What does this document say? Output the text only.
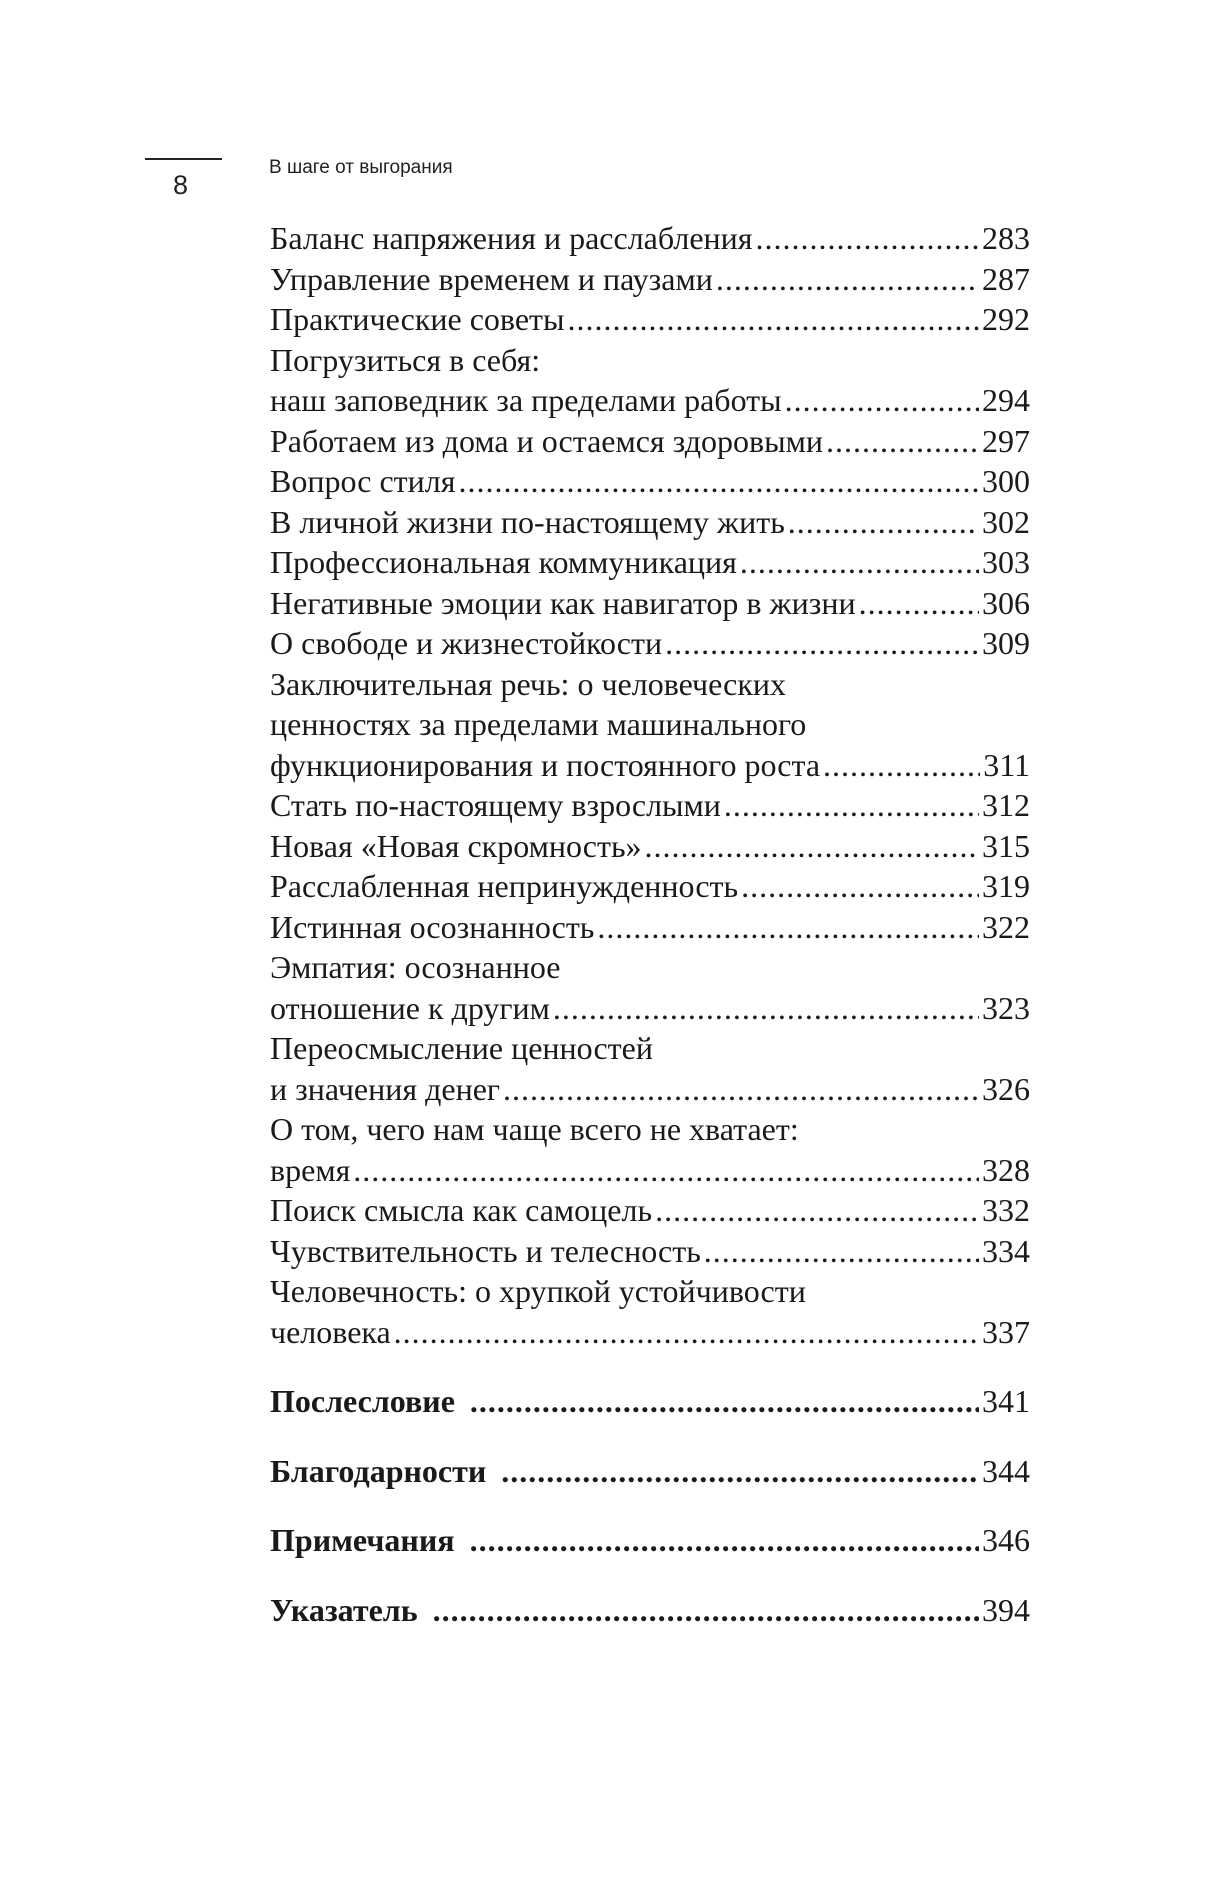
8
В шаге от выгорания
Баланс напряжения и расслабления .....	283
Управление временем и паузами .....	287
Практические советы .....	292
Погрузиться в себя:
наш заповедник за пределами работы .....	294
Работаем из дома и остаемся здоровыми .....	297
Вопрос стиля .....	300
В личной жизни по-настоящему жить .....	302
Профессиональная коммуникация .....	303
Негативные эмоции как навигатор в жизни .....	306
О свободе и жизнестойкости .....	309
Заключительная речь: о человеческих
ценностях за пределами машинального
функционирования и постоянного роста .....	311
Стать по-настоящему взрослыми .....	312
Новая «Новая скромность» .....	315
Расслабленная непринужденность .....	319
Истинная осознанность .....	322
Эмпатия: осознанное
отношение к другим .....	323
Переосмысление ценностей
и значения денег .....	326
О том, чего нам чаще всего не хватает:
время .....	328
Поиск смысла как самоцель .....	332
Чувствительность и телесность .....	334
Человечность: о хрупкой устойчивости
человека .....	337
Послесловие .....	341
Благодарности .....	344
Примечания .....	346
Указатель .....	394
